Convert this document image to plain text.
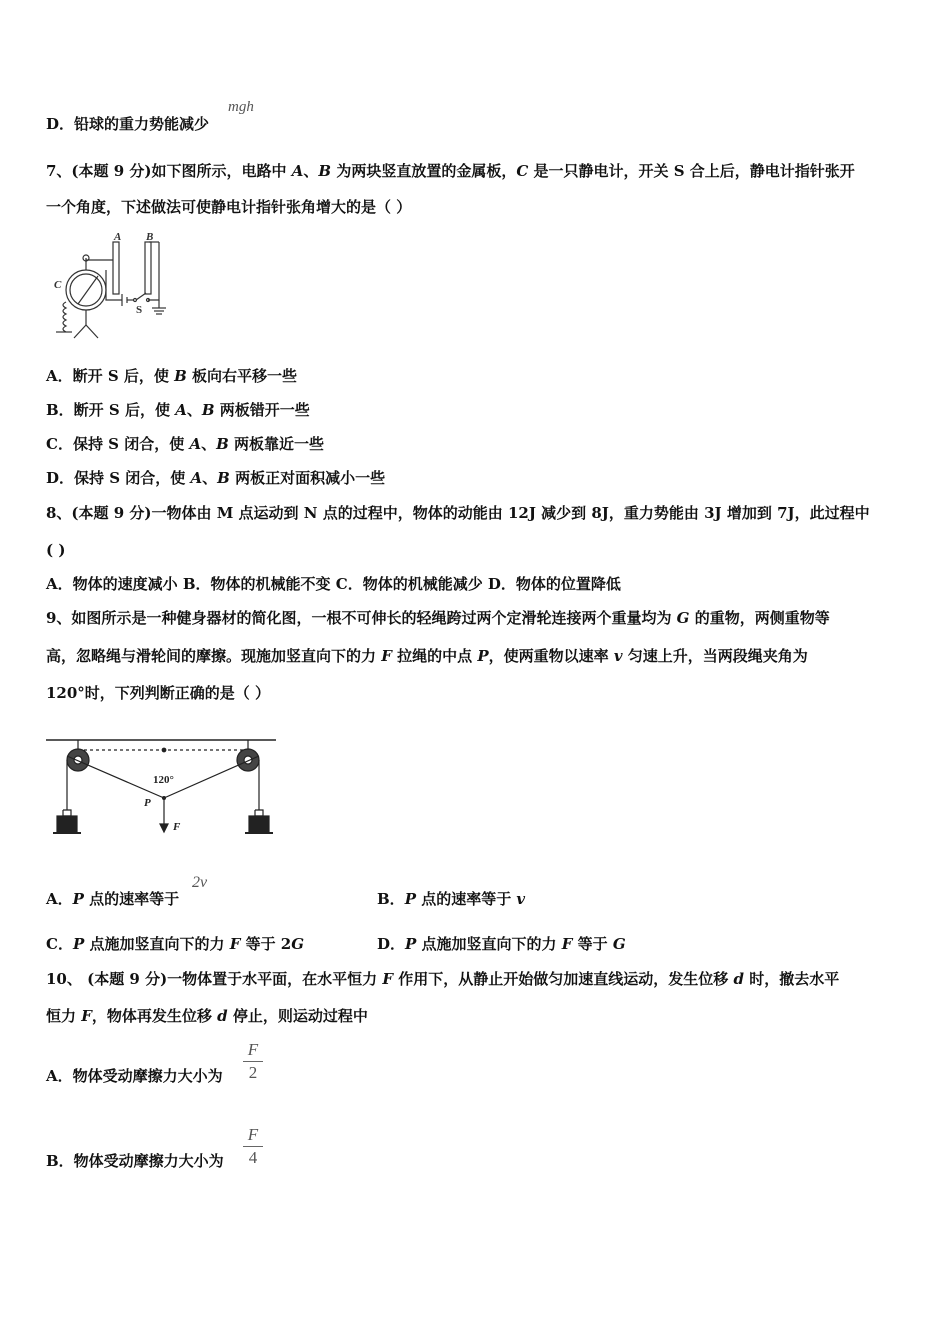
D．铅球的重力势能减少
mgh
7、(本题 9 分)如下图所示，电路中 A、B 为两块竖直放置的金属板，C 是一只静电计，开关 S 合上后，静电计指针张开
一个角度，下述做法可使静电计指针张角增大的是（ ）
A B
C
S
A．断开 S 后，使 B 板向右平移一些
B．断开 S 后，使 A、B 两板错开一些
C．保持 S 闭合，使 A、B 两板靠近一些
D．保持 S 闭合，使 A、B 两板正对面积减小一些
8、(本题 9 分)一物体由 M 点运动到 N 点的过程中，物体的动能由 12J 减少到 8J，重力势能由 3J 增加到 7J，此过程中
( )
A．物体的速度减小 B．物体的机械能不变 C．物体的机械能减少 D．物体的位置降低
9、如图所示是一种健身器材的简化图，一根不可伸长的轻绳跨过两个定滑轮连接两个重量均为 G 的重物，两侧重物等
高，忽略绳与滑轮间的摩擦。现施加竖直向下的力 F 拉绳的中点 P，使两重物以速率 v 匀速上升，当两段绳夹角为
120°时，下列判断正确的是（ ）
120°
P
F
A．P 点的速率等于
2v
B．P 点的速率等于 v
C．P 点施加竖直向下的力 F 等于 2G	D．P 点施加竖直向下的力 F 等于 G
10、 (本题 9 分)一物体置于水平面，在水平恒力 F 作用下，从静止开始做匀加速直线运动，发生位移 d 时，撤去水平
恒力 F，物体再发生位移 d 停止，则运动过程中
A．物体受动摩擦力大小为
F
2
B．物体受动摩擦力大小为
F
4
